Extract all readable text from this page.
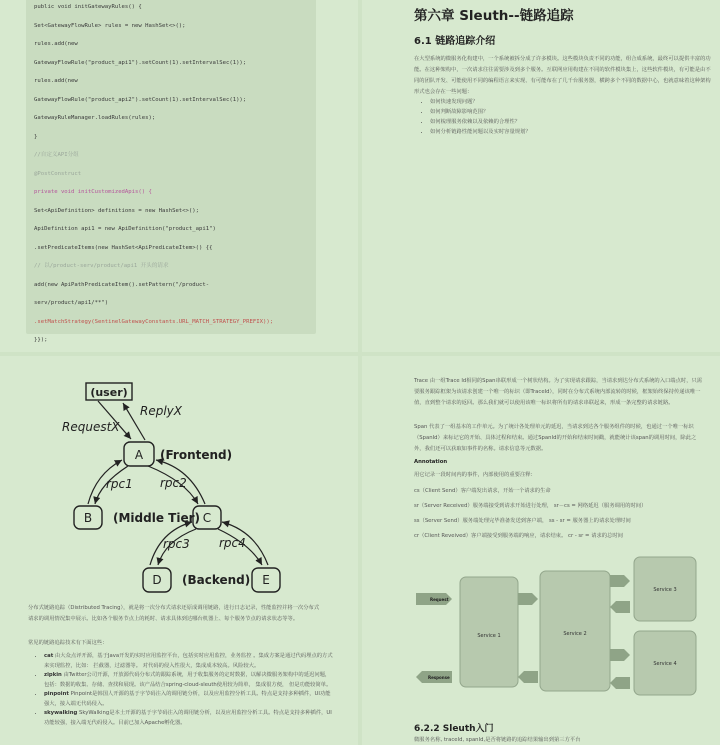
public void initGatewayRules() {
Set<GatewayFlowRule> rules = new HashSet<>();
rules.add(new
GatewayFlowRule("product_api1").setCount(1).setIntervalSec(1));
rules.add(new
GatewayFlowRule("product_api2").setCount(1).setIntervalSec(1));
GatewayRuleManager.loadRules(rules);
}
//自定义API分组
@PostConstruct
private void initCustomizedApis() {
Set<ApiDefinition> definitions = new HashSet<>();
ApiDefinition api1 = new ApiDefinition("product_api1")
.setPredicateItems(new HashSet<ApiPredicateItem>() {{
// 以/product-serv/product/api1 开头的请求
add(new ApiPathPredicateItem().setPattern("/product-
serv/product/api1/**")
.setMatchStrategy(SentinelGatewayConstants.URL_MATCH_STRATEGY_PREFIX));
}});
第六章 Sleuth--链路追踪
6.1 链路追踪介绍

在大型系统的微服务化构建中，一个系统被拆分成了许多模块。这些模块负责不同的功能，组合成系统，最终可以提供丰富的功能。在这种架构中，一次请求往往需要涉及到多个服务。互联网应用构建在不同的软件模块集上，这些软件模块，有可能是由不同的团队开发、可能使用不同的编程语言来实现、有可能布在了几千台服务器，横跨多个不同的数据中心，也就意味着这种架构形式也会存在一些问题：

• 如何快速发现问题？
• 如何判断故障影响范围？
• 如何梳理服务依赖以及依赖的合理性？
• 如何分析链路性能问题以及实时容量规划？
(user)
RequestX
ReplyX
A (Frontend)
rpc1 rpc2
B (Middle Tier) C
rpc3 rpc4
D (Backend) E

分布式链路追踪（Distributed Tracing），就是将一次分布式请求还原成调用链路，进行日志记录，性能监控并将一次分布式请求的调用情况集中展示。比如各个服务节点上的耗时、请求具体到达哪台机器上、每个服务节点的请求状态等等。

常见的链路追踪技术有下面这些：

• cat 由大众点评开源，基于Java开发的实时应用监控平台，包括实时应用监控，业务监控 。集成方案是通过代码埋点的方式来实现监控，比如： 拦截器，过滤器等。 对代码的侵入性很大，集成成本较高。风险较大。
• zipkin 由Twitter公司开源，开放源代码分布式的跟踪系统，用于收集服务的定时数据，以解决微服务架构中的延迟问题，包括：数据的收集、存储、查找和展现。该产品结合spring-cloud-sleuth使用较为简单， 集成很方便， 但是功能较简单。
• pinpoint Pinpoint是韩国人开源的基于字节码注入的调用链分析，以及应用监控分析工具。特点是支持多种插件，UI功能强大，接入端无代码侵入。
• skywalking SkyWalking是本土开源的基于字节码注入的调用链分析，以及应用监控分析工具。特点是支持多种插件，UI功能较强，接入端无代码侵入。目前已加入Apache孵化器。

Trace 由一组Trace Id相同的Span串联形成一个树状结构。为了实现请求跟踪，当请求到达分布式系统的入口端点时，只需要服务跟踪框架为该请求创建一个唯一的标识（即TraceId），同时在分布式系统内部流转的时候，框架始终保持传递该唯一值，直到整个请求的返回。那么我们就可以使用该唯一标识将所有的请求串联起来，形成一条完整的请求链路。

Span 代表了一组基本的工作单元。为了统计各处理单元的延迟，当请求到达各个服务组件的时候，也通过一个唯一标识（SpanId）来标记它的开始、具体过程和结束。通过SpanId的开始和结束时间戳，就能统计该span的调用时间，除此之外，我们还可以获取如事件的名称。请求信息等元数据。

Annotation

用它记录一段时间内的事件，内部使用的重要注释：

cs（Client Send）客户端发出请求，开始一个请求的生命

sr（Server Received）服务端接受到请求开始进行处理， sr－cs = 网络延迟（服务调用的时间）

ss（Server Send）服务端处理完毕准备发送到客户端， ss - sr = 服务器上的请求处理时间

cr（Client Reveived）客户端接受到服务端的响应，请求结束。 cr - sr = 请求的总时间

Service 1	Service 2
Service 3
Service 4
Request
Response
6.2.2 Sleuth入门

微服务名称, traceId, spanId,是否将链路的追踪结果输出到第三方平台
